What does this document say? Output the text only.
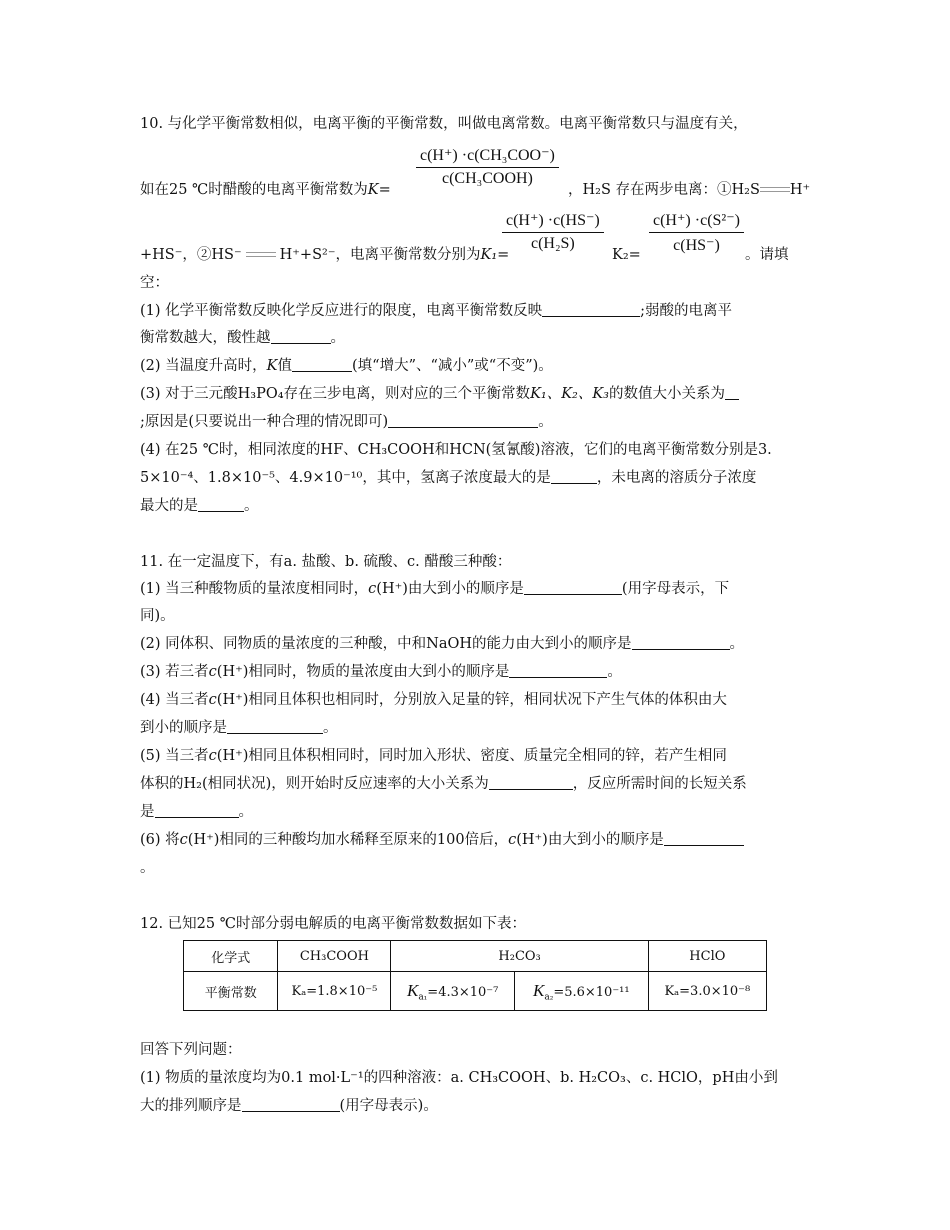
10. 与化学平衡常数相似，电离平衡的平衡常数，叫做电离常数。电离平衡常数只与温度有关，
c(H⁺) ·c(CH₃COO⁻)
c(CH₃COOH)
如在25 ℃时醋酸的电离平衡常数为K=	，H₂S 存在两步电离：①H₂S H⁺
$\frac{c(H^+) \cdot c(HS^-)}{\text{c(H₂S)}}$	$\frac{\text{c(H⁺) ·c(S²⁻)}}{c(HS^-)}$
+HS⁻，②HS⁻	H⁺+S²⁻，电离平衡常数分别为K₁=	K₂=	。请填
空：
(1) 化学平衡常数反映化学反应进行的限度，电离平衡常数反映	;弱酸的电离平
衡常数越大，酸性越	。
(2) 当温度升高时，K值	(填“增大”、“减小”或“不变”)。
(3) 对于三元酸H₃PO₄存在三步电离，则对应的三个平衡常数K₁、K₂、K₃的数值大小关系为
;原因是(只要说出一种合理的情况即可)	。
(4) 在25 ℃时，相同浓度的HF、CH₃COOH和HCN(氢氰酸)溶液，它们的电离平衡常数分别是3.
5×10⁻⁴、1.8×10⁻⁵、4.9×10⁻¹⁰，其中，氢离子浓度最大的是	，未电离的溶质分子浓度
最大的是	。
11. 在一定温度下，有a. 盐酸、b. 硫酸、c. 醋酸三种酸：
(1) 当三种酸物质的量浓度相同时，c(H⁺)由大到小的顺序是	(用字母表示，下
同)。
(2) 同体积、同物质的量浓度的三种酸，中和NaOH的能力由大到小的顺序是	。
(3) 若三者c(H⁺)相同时，物质的量浓度由大到小的顺序是	。
(4) 当三者c(H⁺)相同且体积也相同时，分别放入足量的锌，相同状况下产生气体的体积由大
到小的顺序是	。
(5) 当三者c(H⁺)相同且体积相同时，同时加入形状、密度、质量完全相同的锌，若产生相同
体积的H₂(相同状况)，则开始时反应速率的大小关系为	，反应所需时间的长短关系
是	。
(6) 将c(H⁺)相同的三种酸均加水稀释至原来的100倍后，c(H⁺)由大到小的顺序是
。
12. 已知25 ℃时部分弱电解质的电离平衡常数数据如下表：
化学式	CH₃COOH	H₂CO₃		HClO
平衡常数	Kₐ=1.8×10⁻⁵	$K_{a_1}=4.3\times 10^{-7}$	$K_{a_2}=5.6\times 10^{-11}$	Kₐ=3.0×10⁻⁸
回答下列问题：
(1) 物质的量浓度均为0.1 mol·L⁻¹的四种溶液：a. CH₃COOH、b. H₂CO₃、c. HClO，pH由小到
大的排列顺序是	(用字母表示)。
